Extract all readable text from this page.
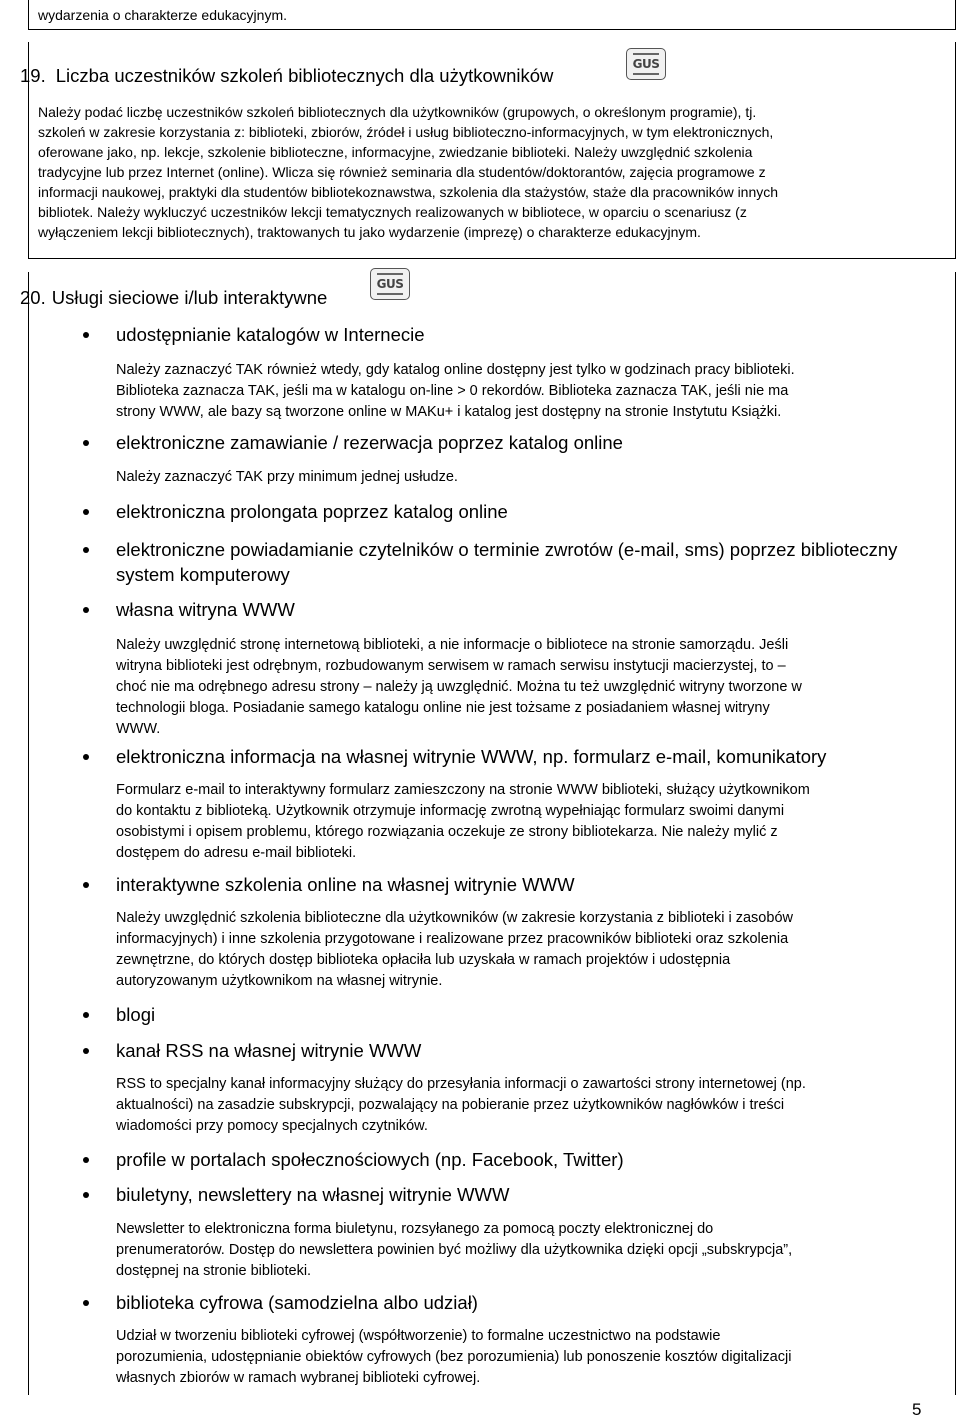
wydarzenia o charakterze edukacyjnym.
19. Liczba uczestników szkoleń bibliotecznych dla użytkowników
GUS
Należy podać liczbę uczestników szkoleń bibliotecznych dla użytkowników (grupowych, o określonym programie), tj.
szkoleń w zakresie korzystania z: biblioteki, zbiorów, źródeł i usług biblioteczno-informacyjnych, w tym elektronicznych,
oferowane jako, np. lekcje, szkolenie biblioteczne, informacyjne, zwiedzanie biblioteki. Należy uwzględnić szkolenia
tradycyjne lub przez Internet (online). Wlicza się również seminaria dla studentów/doktorantów, zajęcia programowe z
informacji naukowej, praktyki dla studentów bibliotekoznawstwa, szkolenia dla stażystów, staże dla pracowników innych
bibliotek. Należy wykluczyć uczestników lekcji tematycznych realizowanych w bibliotece, w oparciu o scenariusz (z
wyłączeniem lekcji bibliotecznych), traktowanych tu jako wydarzenie (imprezę) o charakterze edukacyjnym.
20. Usługi sieciowe i/lub interaktywne
GUS
udostępnianie katalogów w Internecie
Należy zaznaczyć TAK również wtedy, gdy katalog online dostępny jest tylko w godzinach pracy biblioteki.
Biblioteka zaznacza TAK, jeśli ma w katalogu on-line > 0 rekordów. Biblioteka zaznacza TAK, jeśli nie ma
strony WWW, ale bazy są tworzone online w MAKu+ i katalog jest dostępny na stronie Instytutu Książki.
elektroniczne zamawianie / rezerwacja poprzez katalog online
Należy zaznaczyć TAK przy minimum jednej usłudze.
elektroniczna prolongata poprzez katalog online
elektroniczne powiadamianie czytelników o terminie zwrotów (e-mail, sms) poprzez biblioteczny system komputerowy
własna witryna WWW
Należy uwzględnić stronę internetową biblioteki, a nie informacje o bibliotece na stronie samorządu. Jeśli
witryna biblioteki jest odrębnym, rozbudowanym serwisem w ramach serwisu instytucji macierzystej, to –
choć nie ma odrębnego adresu strony – należy ją uwzględnić. Można tu też uwzględnić witryny tworzone w
technologii bloga. Posiadanie samego katalogu online nie jest tożsame z posiadaniem własnej witryny
WWW.
elektroniczna informacja na własnej witrynie WWW, np. formularz e-mail, komunikatory
Formularz e-mail to interaktywny formularz zamieszczony na stronie WWW biblioteki, służący użytkownikom
do kontaktu z biblioteką. Użytkownik otrzymuje informację zwrotną wypełniając formularz swoimi danymi
osobistymi i opisem problemu, którego rozwiązania oczekuje ze strony bibliotekarza. Nie należy mylić z
dostępem do adresu e-mail biblioteki.
interaktywne szkolenia online na własnej witrynie WWW
Należy uwzględnić szkolenia biblioteczne dla użytkowników (w zakresie korzystania z biblioteki i zasobów
informacyjnych) i inne szkolenia przygotowane i realizowane przez pracowników biblioteki oraz szkolenia
zewnętrzne, do których dostęp biblioteka opłaciła lub uzyskała w ramach projektów i udostępnia
autoryzowanym użytkownikom na własnej witrynie.
blogi
kanał RSS na własnej witrynie WWW
RSS to specjalny kanał informacyjny służący do przesyłania informacji o zawartości strony internetowej (np.
aktualności) na zasadzie subskrypcji, pozwalający na pobieranie przez użytkowników nagłówków i treści
wiadomości przy pomocy specjalnych czytników.
profile w portalach społecznościowych (np. Facebook, Twitter)
biuletyny, newslettery na własnej witrynie WWW
Newsletter to elektroniczna forma biuletynu, rozsyłanego za pomocą poczty elektronicznej do
prenumeratorów. Dostęp do newslettera powinien być możliwy dla użytkownika dzięki opcji „subskrypcja”,
dostępnej na stronie biblioteki.
biblioteka cyfrowa (samodzielna albo udział)
Udział w tworzeniu biblioteki cyfrowej (współtworzenie) to formalne uczestnictwo na podstawie
porozumienia, udostępnianie obiektów cyfrowych (bez porozumienia) lub ponoszenie kosztów digitalizacji
własnych zbiorów w ramach wybranej biblioteki cyfrowej.
5
